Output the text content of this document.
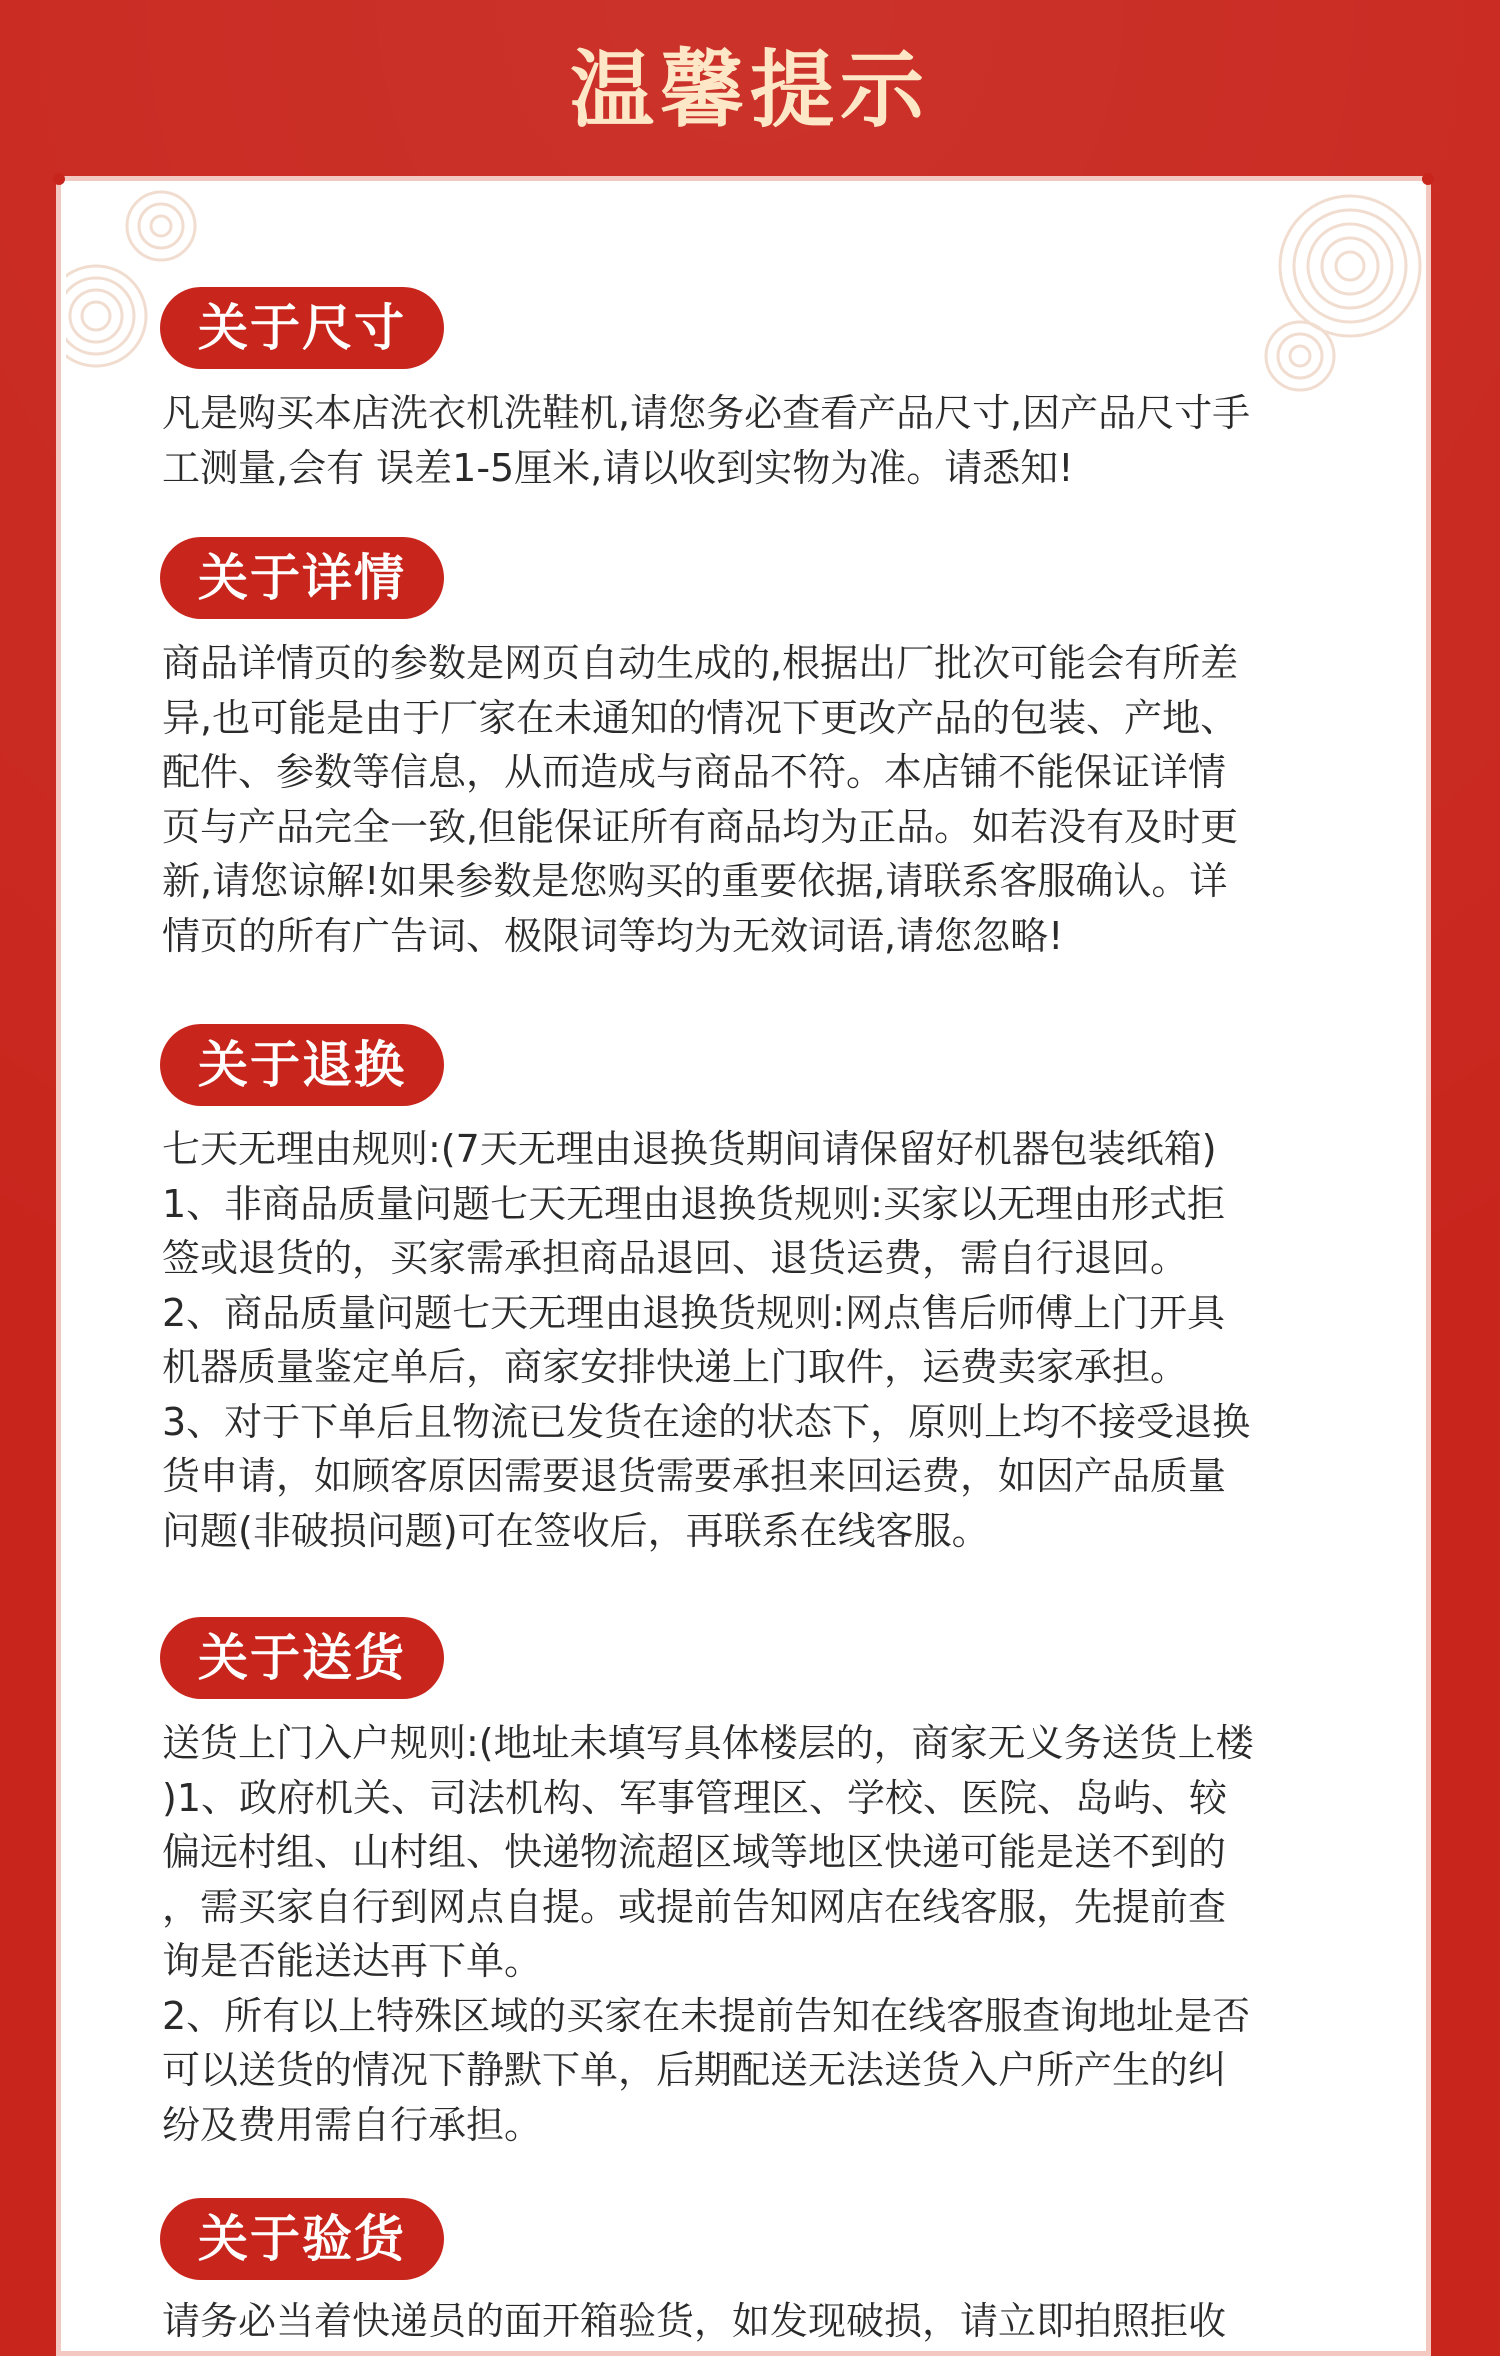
温馨提示
关于尺寸
凡是购买本店洗衣机洗鞋机,请您务必查看产品尺寸,因产品尺寸手
工测量,会有 误差1-5厘米,请以收到实物为准。请悉知!
关于详情
商品详情页的参数是网页自动生成的,根据出厂批次可能会有所差
异,也可能是由于厂家在未通知的情况下更改产品的包装、产地、
配件、参数等信息，从而造成与商品不符。本店铺不能保证详情
页与产品完全一致,但能保证所有商品均为正品。如若没有及时更
新,请您谅解!如果参数是您购买的重要依据,请联系客服确认。详
情页的所有广告词、极限词等均为无效词语,请您忽略!
关于退换
七天无理由规则:(7天无理由退换货期间请保留好机器包装纸箱)
1、非商品质量问题七天无理由退换货规则:买家以无理由形式拒
签或退货的，买家需承担商品退回、退货运费，需自行退回。
2、商品质量问题七天无理由退换货规则:网点售后师傅上门开具
机器质量鉴定单后，商家安排快递上门取件，运费卖家承担。
3、对于下单后且物流已发货在途的状态下，原则上均不接受退换
货申请，如顾客原因需要退货需要承担来回运费，如因产品质量
问题(非破损问题)可在签收后，再联系在线客服。
关于送货
送货上门入户规则:(地址未填写具体楼层的，商家无义务送货上楼
)1、政府机关、司法机构、军事管理区、学校、医院、岛屿、较
偏远村组、山村组、快递物流超区域等地区快递可能是送不到的
，需买家自行到网点自提。或提前告知网店在线客服，先提前查
询是否能送达再下单。
2、所有以上特殊区域的买家在未提前告知在线客服查询地址是否
可以送货的情况下静默下单，后期配送无法送货入户所产生的纠
纷及费用需自行承担。
关于验货
请务必当着快递员的面开箱验货，如发现破损，请立即拍照拒收
